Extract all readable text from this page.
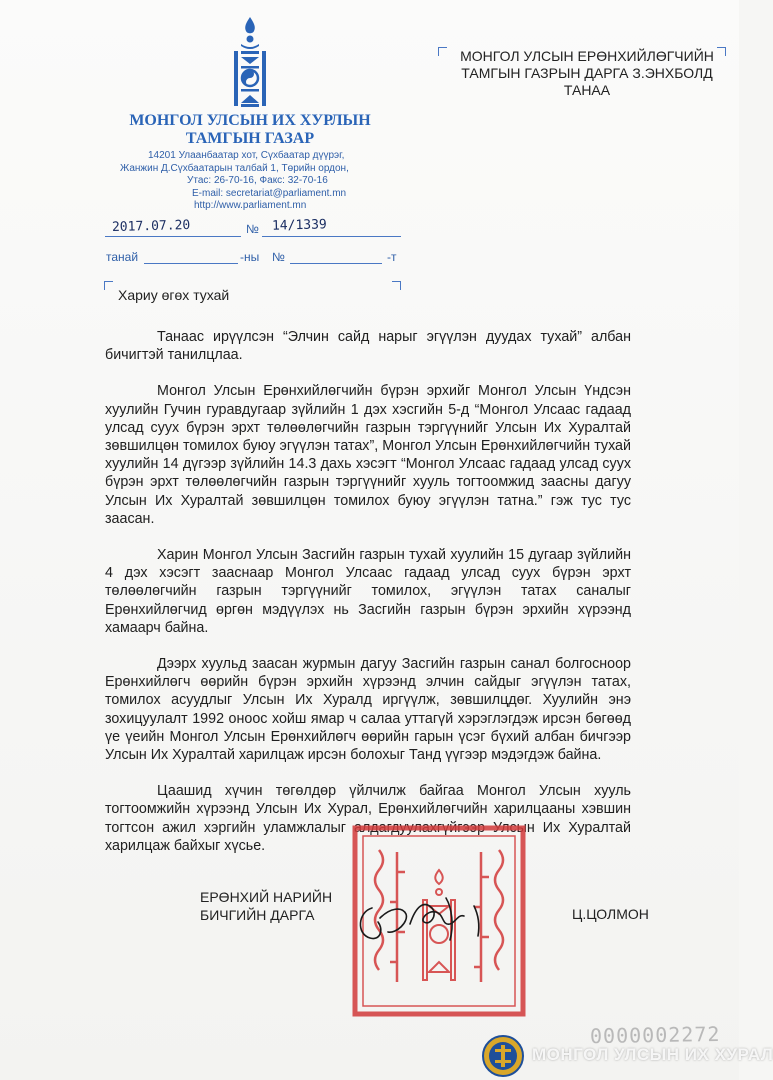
МОНГОЛ УЛСЫН ИХ ХУРЛЫН
ТАМГЫН ГАЗАР
14201 Улаанбаатар хот, Сүхбаатар дүүрэг,
Жанжин Д.Сүхбаатарын талбай 1, Төрийн ордон,
Утас: 26-70-16, Факс: 32-70-16
E-mail: secretariat@parliament.mn
http://www.parliament.mn
МОНГОЛ УЛСЫН ЕРӨНХИЙЛӨГЧИЙН
ТАМГЫН ГАЗРЫН ДАРГА З.ЭНХБОЛД
ТАНАА
2017.07.20	№ 14/1339
танай	-ны №	-т
Хариу өгөх тухай

Танаас ирүүлсэн “Элчин сайд нарыг эгүүлэн дуудах тухай” албан бичигтэй танилцлаа.

Монгол Улсын Ерөнхийлөгчийн бүрэн эрхийг Монгол Улсын Үндсэн хуулийн Гучин гуравдугаар зүйлийн 1 дэх хэсгийн 5-д “Монгол Улсаас гадаад улсад суух бүрэн эрхт төлөөлөгчийн газрын тэргүүнийг Улсын Их Хуралтай зөвшилцөн томилох буюу эгүүлэн татах”, Монгол Улсын Ерөнхийлөгчийн тухай хуулийн 14 дүгээр зүйлийн 14.3 дахь хэсэгт “Монгол Улсаас гадаад улсад суух бүрэн эрхт төлөөлөгчийн газрын тэргүүнийг хууль тогтоомжид заасны дагуу Улсын Их Хуралтай зөвшилцөн томилох буюу эгүүлэн татна.” гэж тус тус заасан.

Харин Монгол Улсын Засгийн газрын тухай хуулийн 15 дугаар зүйлийн 4 дэх хэсэгт зааснаар Монгол Улсаас гадаад улсад суух бүрэн эрхт төлөөлөгчийн газрын тэргүүнийг томилох, эгүүлэн татах саналыг Ерөнхийлөгчид өргөн мэдүүлэх нь Засгийн газрын бүрэн эрхийн хүрээнд хамаарч байна.

Дээрх хуульд заасан журмын дагуу Засгийн газрын санал болгосноор Ерөнхийлөгч өөрийн бүрэн эрхийн хүрээнд элчин сайдыг эгүүлэн татах, томилох асуудлыг Улсын Их Хуралд иргүүлж, зөвшилцдөг. Хуулийн энэ зохицуулалт 1992 оноос хойш ямар ч салаа уттагүй хэрэглэгдэж ирсэн бөгөөд үе үеийн Монгол Улсын Ерөнхийлөгч өөрийн гарын үсэг бүхий албан бичгээр Улсын Их Хуралтай харилцаж ирсэн болохыг Танд үүгээр мэдэгдэж байна.

Цаашид хүчин төгөлдөр үйлчилж байгаа Монгол Улсын хууль тогтоомжийн хүрээнд Улсын Их Хурал, Ерөнхийлөгчийн харилцааны хэвшин тогтсон ажил хэргийн уламжлалыг алдагдуулахгүйгээр Улсын Их Хуралтай харилцаж байхыг хүсье.

ЕРӨНХИЙ НАРИЙН
БИЧГИЙН ДАРГА	Ц.ЦОЛМОН
0000002272
МОНГОЛ УЛСЫН ИХ ХУРАЛ
